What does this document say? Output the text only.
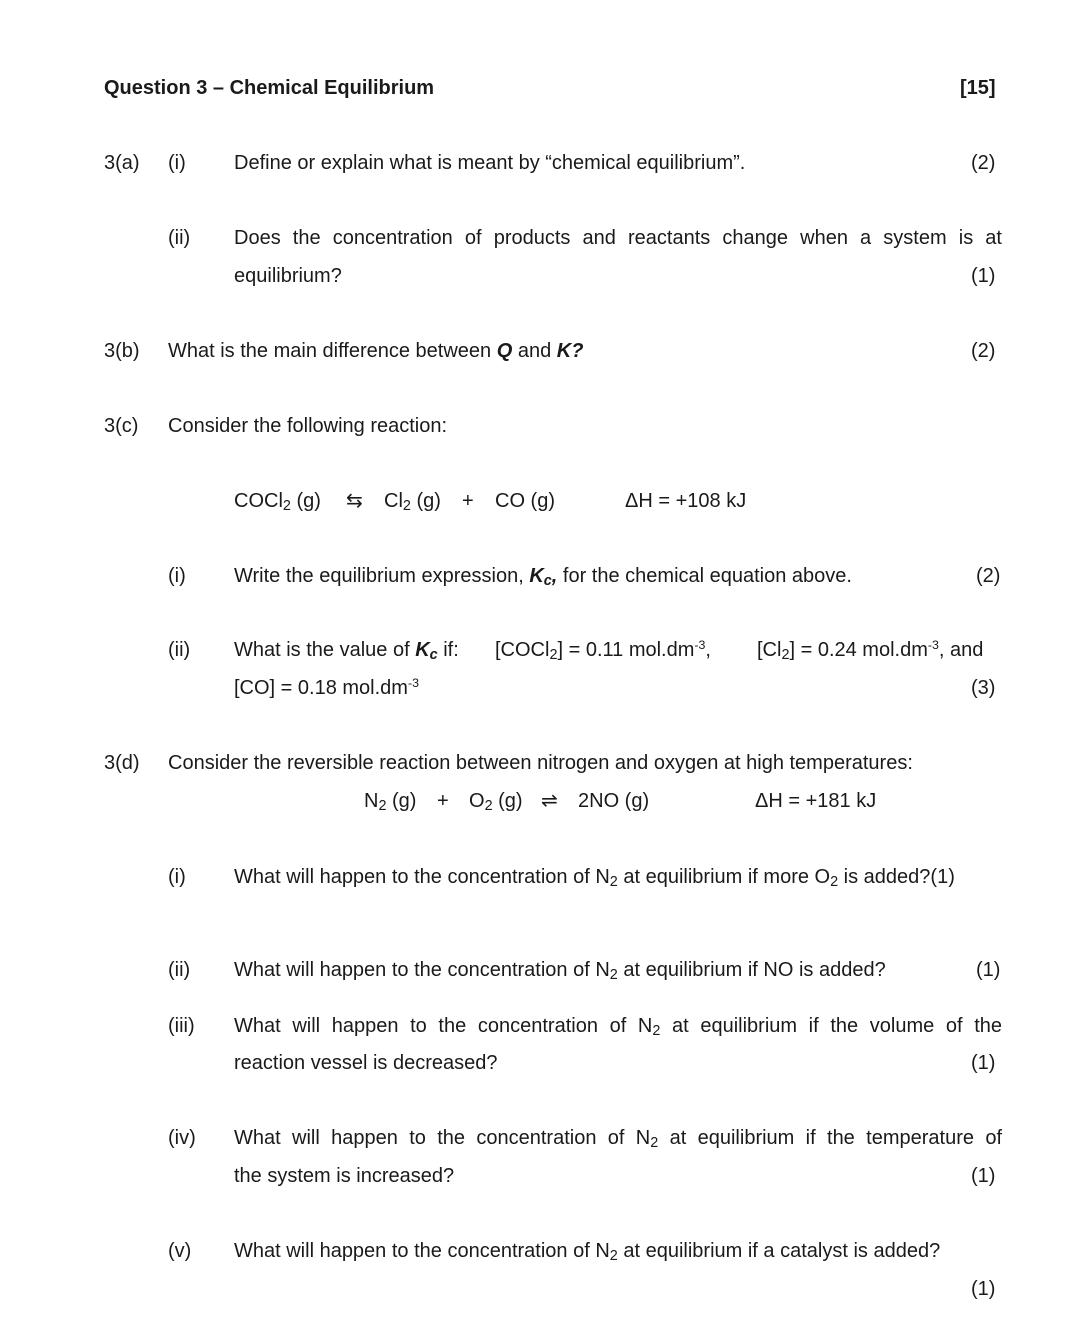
Question 3 – Chemical Equilibrium	[15]
3(a) (i) Define or explain what is meant by “chemical equilibrium”.	(2)
(ii) Does the concentration of products and reactants change when a system is at
equilibrium?	(1)
3(b) What is the main difference between Q and K?	(2)
3(c) Consider the following reaction:
COCl$_2$ (g) ⇆ $Cl_2$ (g) + CO (g)	ΔH = +108 kJ
(i) Write the equilibrium expression, $K_c$, for the chemical equation above.	(2)
(ii) What is the value of $K_c$ if: [COCl$_2$] = 0.11 $mol.dm^{-3}$, $[Cl_2] = 0.24$ $mol.dm^{-3}$, and
[CO] = 0.18 $mol.dm^{-3}$	(3)
3(d) Consider the reversible reaction between nitrogen and oxygen at high temperatures:
$N_2$ $(g) + O_2$ (g) ⇌ 2NO (g)	ΔH = +181 kJ
(i) What will happen to the concentration of $N_2$ at equilibrium if more $O_2$ is added?(1)
(ii) What will happen to the concentration of $N_2$ at equilibrium if NO is added?	(1)
(iii) What will happen to the concentration of $N_2$ at equilibrium if the volume of the
reaction vessel is decreased?	(1)
(iv) What will happen to the concentration of $N_2$ at equilibrium if the temperature of
the system is increased?	(1)
(v) What will happen to the concentration of $N_2$ at equilibrium if a catalyst is added?
(1)
